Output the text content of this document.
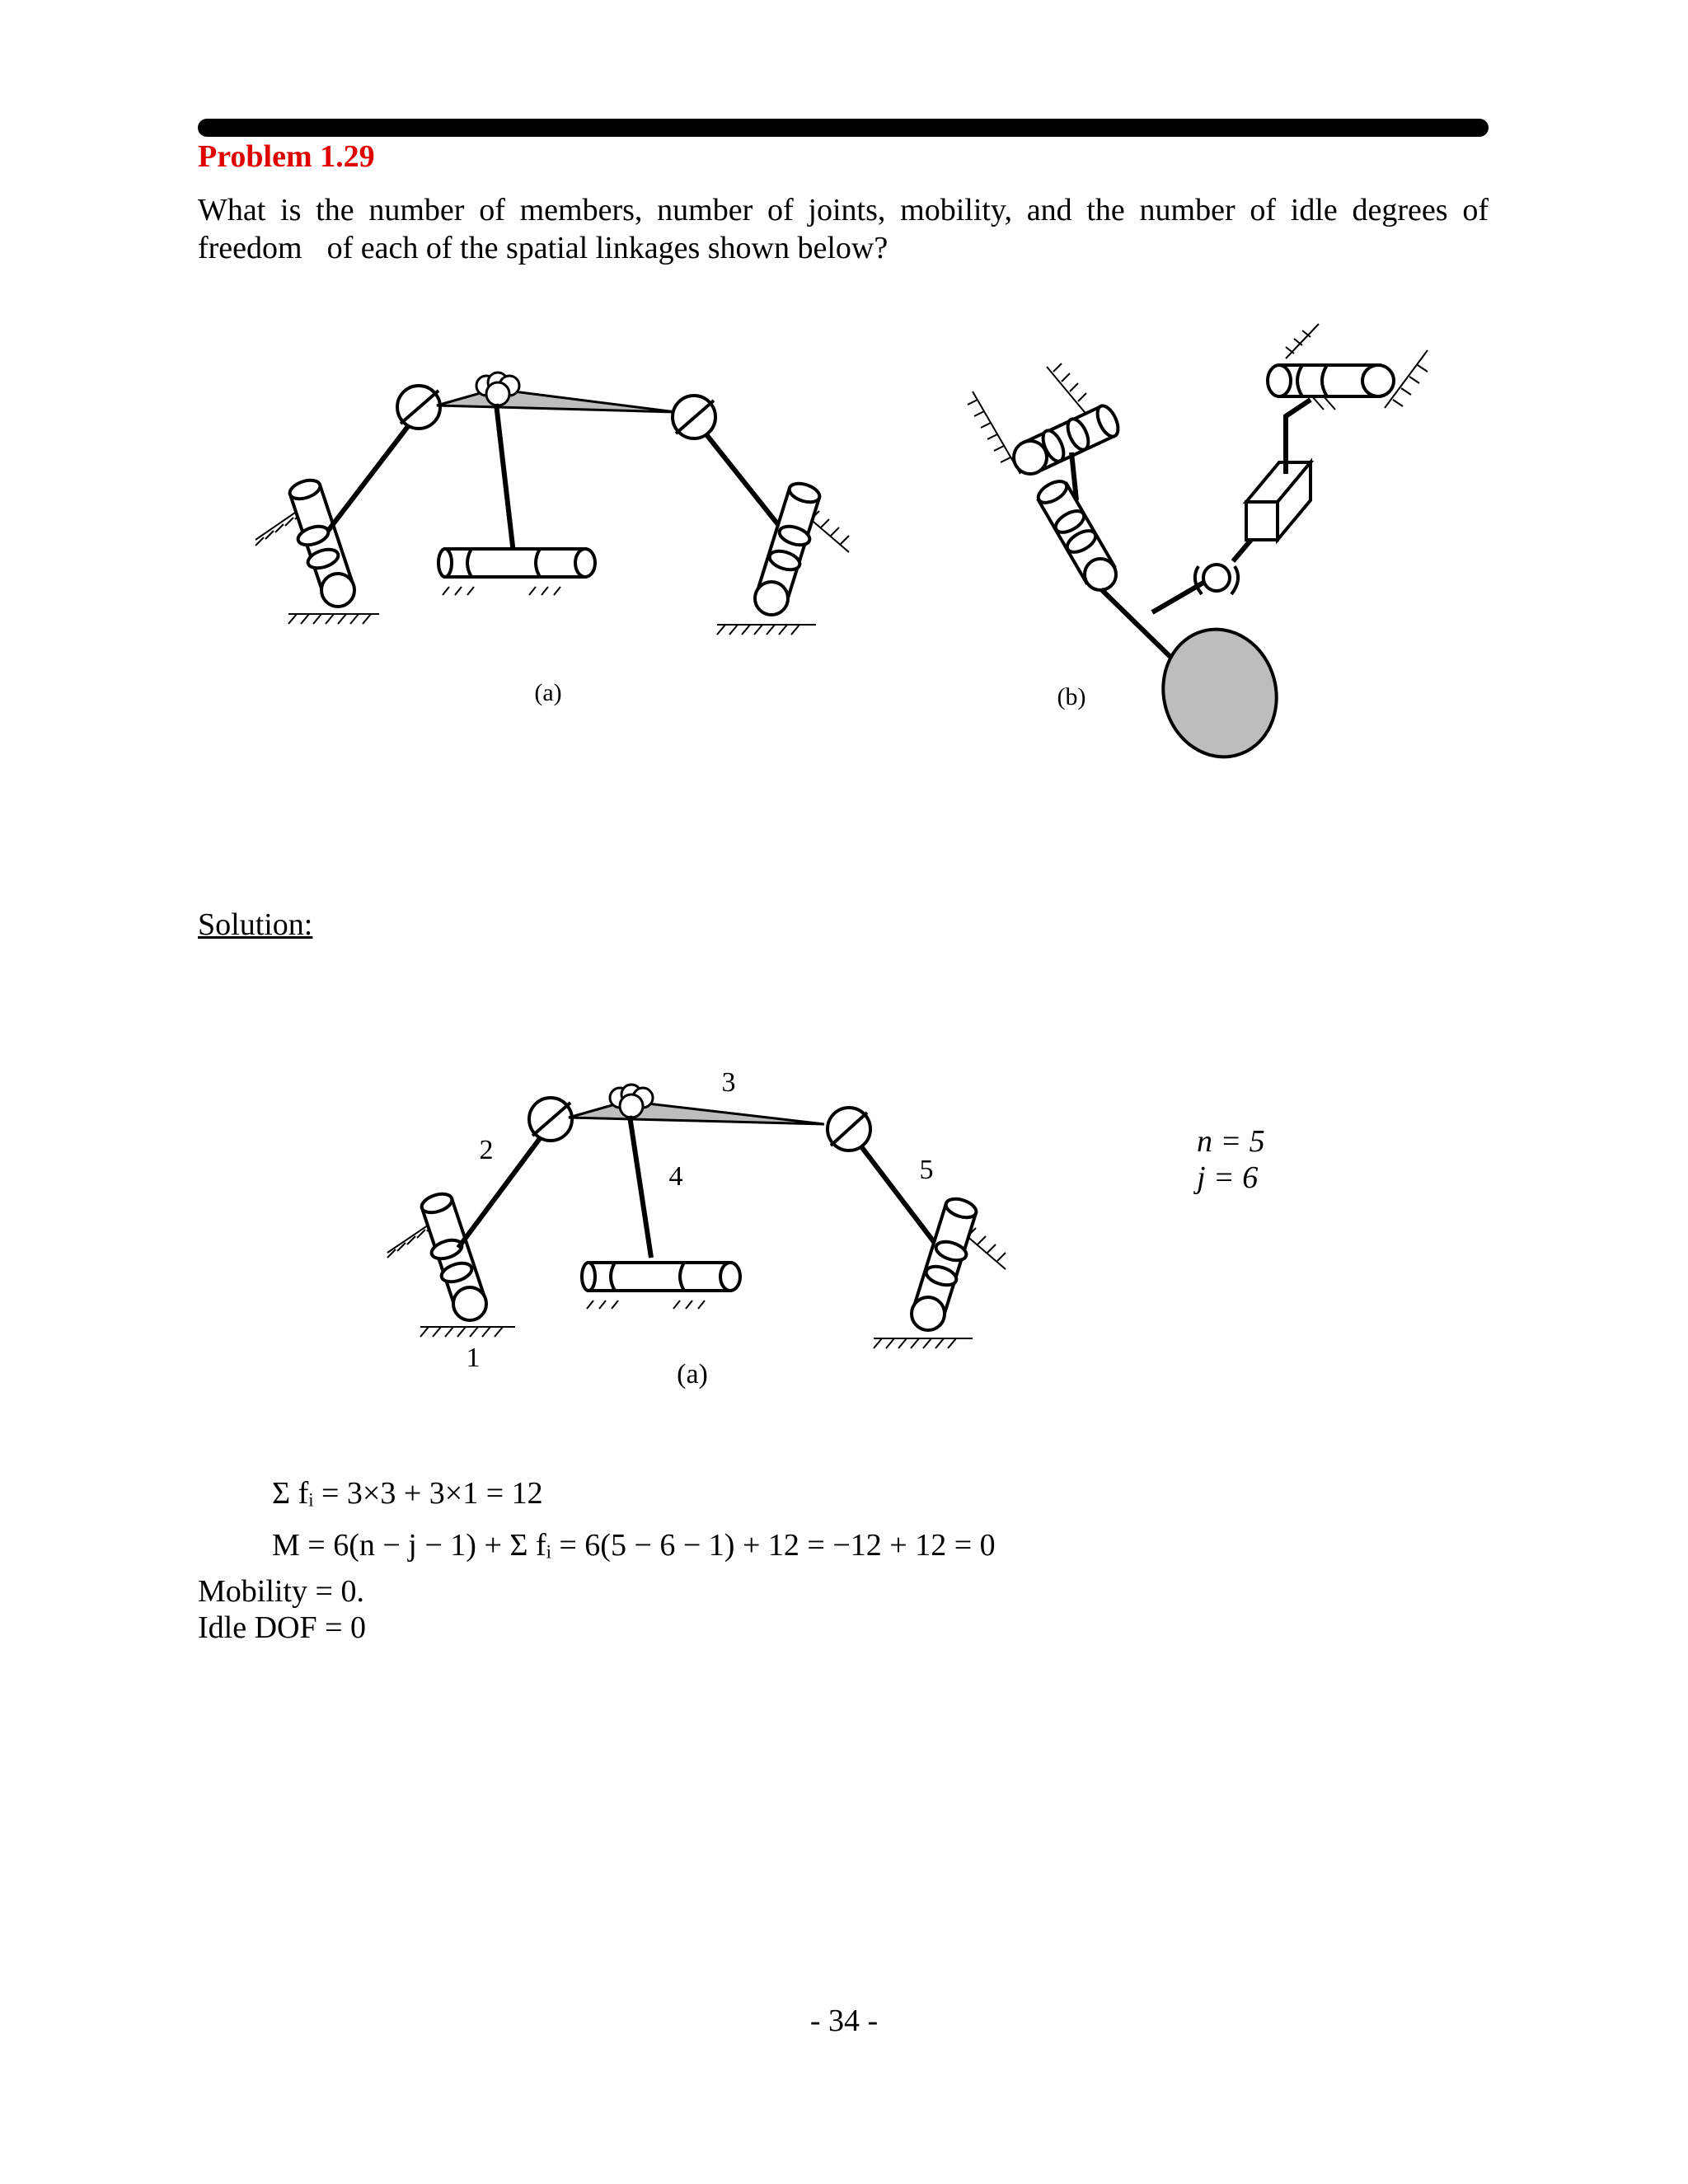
Problem 1.29
What is the number of members, number of joints, mobility, and the number of idle degrees of freedom of each of the spatial linkages shown below?
(a)	(b)
Solution:
1
2
3
4	5
(a)
n = 5
j = 6
Σ fᵢ = 3×3 + 3×1 = 12
M = 6(n − j − 1) + Σ fᵢ = 6(5 − 6 − 1) + 12 = −12 + 12 = 0
Mobility = 0.
Idle DOF = 0
- 34 -
